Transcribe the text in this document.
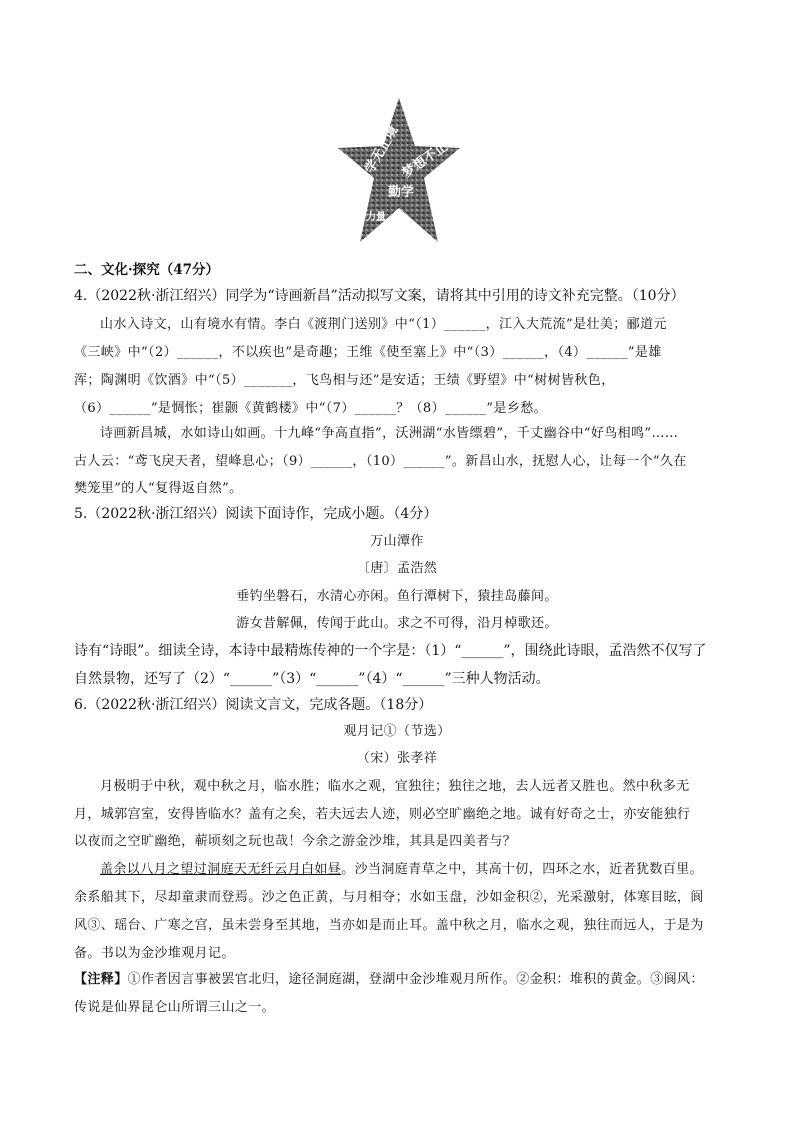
学无止境
梦想不止
勤学
力量
二、文化·探究（47分）
4.（2022秋·浙江绍兴）同学为“诗画新昌”活动拟写文案，请将其中引用的诗文补充完整。（10分）
山水入诗文，山有境水有情。李白《渡荆门送别》中“（1）______，江入大荒流”是壮美；郦道元
《三峡》中“（2）______，不以疾也”是奇趣；王维《使至塞上》中“（3）______，（4）______”是雄
浑；陶渊明《饮酒》中“（5）_______，飞鸟相与还”是安适；王绩《野望》中“树树皆秋色，
（6）______”是惆怅；崔颢《黄鹤楼》中“（7）______？（8）______”是乡愁。
诗画新昌城，水如诗山如画。十九峰“争高直指”，沃洲湖“水皆缥碧”，千丈幽谷中“好鸟相鸣”……
古人云：“鸢飞戾天者，望峰息心；（9）______，（10）______”。新昌山水，抚慰人心，让每一个“久在
樊笼里”的人“复得返自然”。
5.（2022秋·浙江绍兴）阅读下面诗作，完成小题。（4分）
万山潭作
〔唐〕孟浩然
垂钓坐磐石，水清心亦闲。鱼行潭树下，猿挂岛藤间。
游女昔解佩，传闻于此山。求之不可得，沿月棹歌还。
诗有“诗眼”。细读全诗，本诗中最精炼传神的一个字是：（1）“______”，围绕此诗眼，孟浩然不仅写了
自然景物，还写了（2）“______”（3）“______”（4）“______”三种人物活动。
6.（2022秋·浙江绍兴）阅读文言文，完成各题。（18分）
观月记①（节选）
（宋）张孝祥
月极明于中秋，观中秋之月，临水胜；临水之观，宜独往；独往之地，去人远者又胜也。然中秋多无
月，城郭宫室，安得皆临水？盖有之矣，若夫远去人迹，则必空旷幽绝之地。诚有好奇之士，亦安能独行
以夜而之空旷幽绝，蕲顷刻之玩也哉！今余之游金沙堆，其具是四美者与？
盖余以八月之望过洞庭天无纤云月白如昼。沙当洞庭青草之中，其高十仞，四环之水，近者犹数百里。
余系船其下，尽却童隶而登焉。沙之色正黄，与月相夺；水如玉盘，沙如金积②，光采激射，体寒目眩，阆
风③、瑶台、广寒之宫，虽未尝身至其地，当亦如是而止耳。盖中秋之月，临水之观，独往而远人，于是为
备。书以为金沙堆观月记。
【注释】①作者因言事被罢官北归，途径洞庭湖，登湖中金沙堆观月所作。②金积：堆积的黄金。③阆风：
传说是仙界昆仑山所谓三山之一。
